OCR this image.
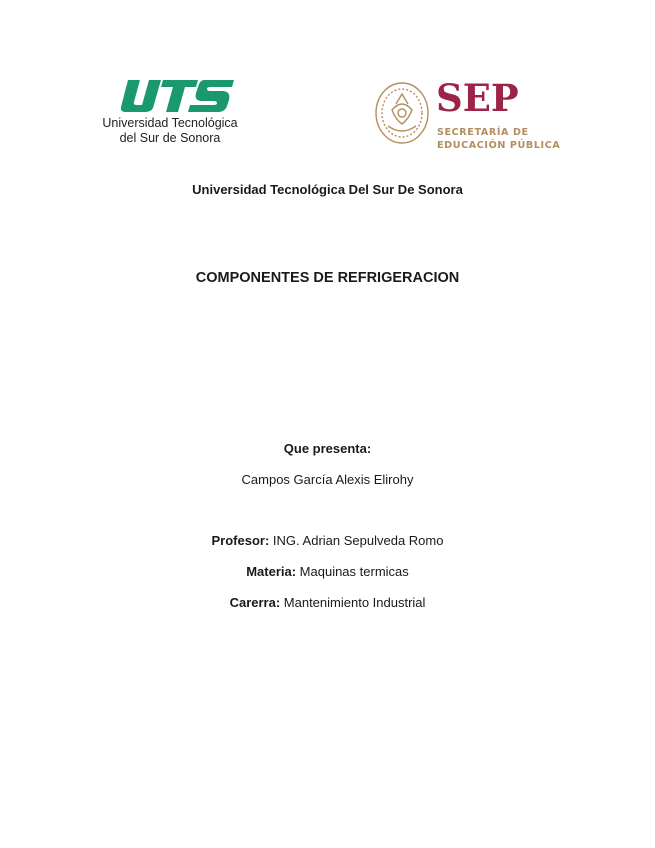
Universidad Tecnológica
del Sur de Sonora
SEP
SECRETARÍA DE
EDUCACIÓN PÚBLICA
Universidad Tecnológica Del Sur De Sonora
COMPONENTES DE REFRIGERACION
Que presenta:
Campos García Alexis Elirohy
Profesor: ING. Adrian Sepulveda Romo
Materia: Maquinas termicas
Carerra: Mantenimiento Industrial
